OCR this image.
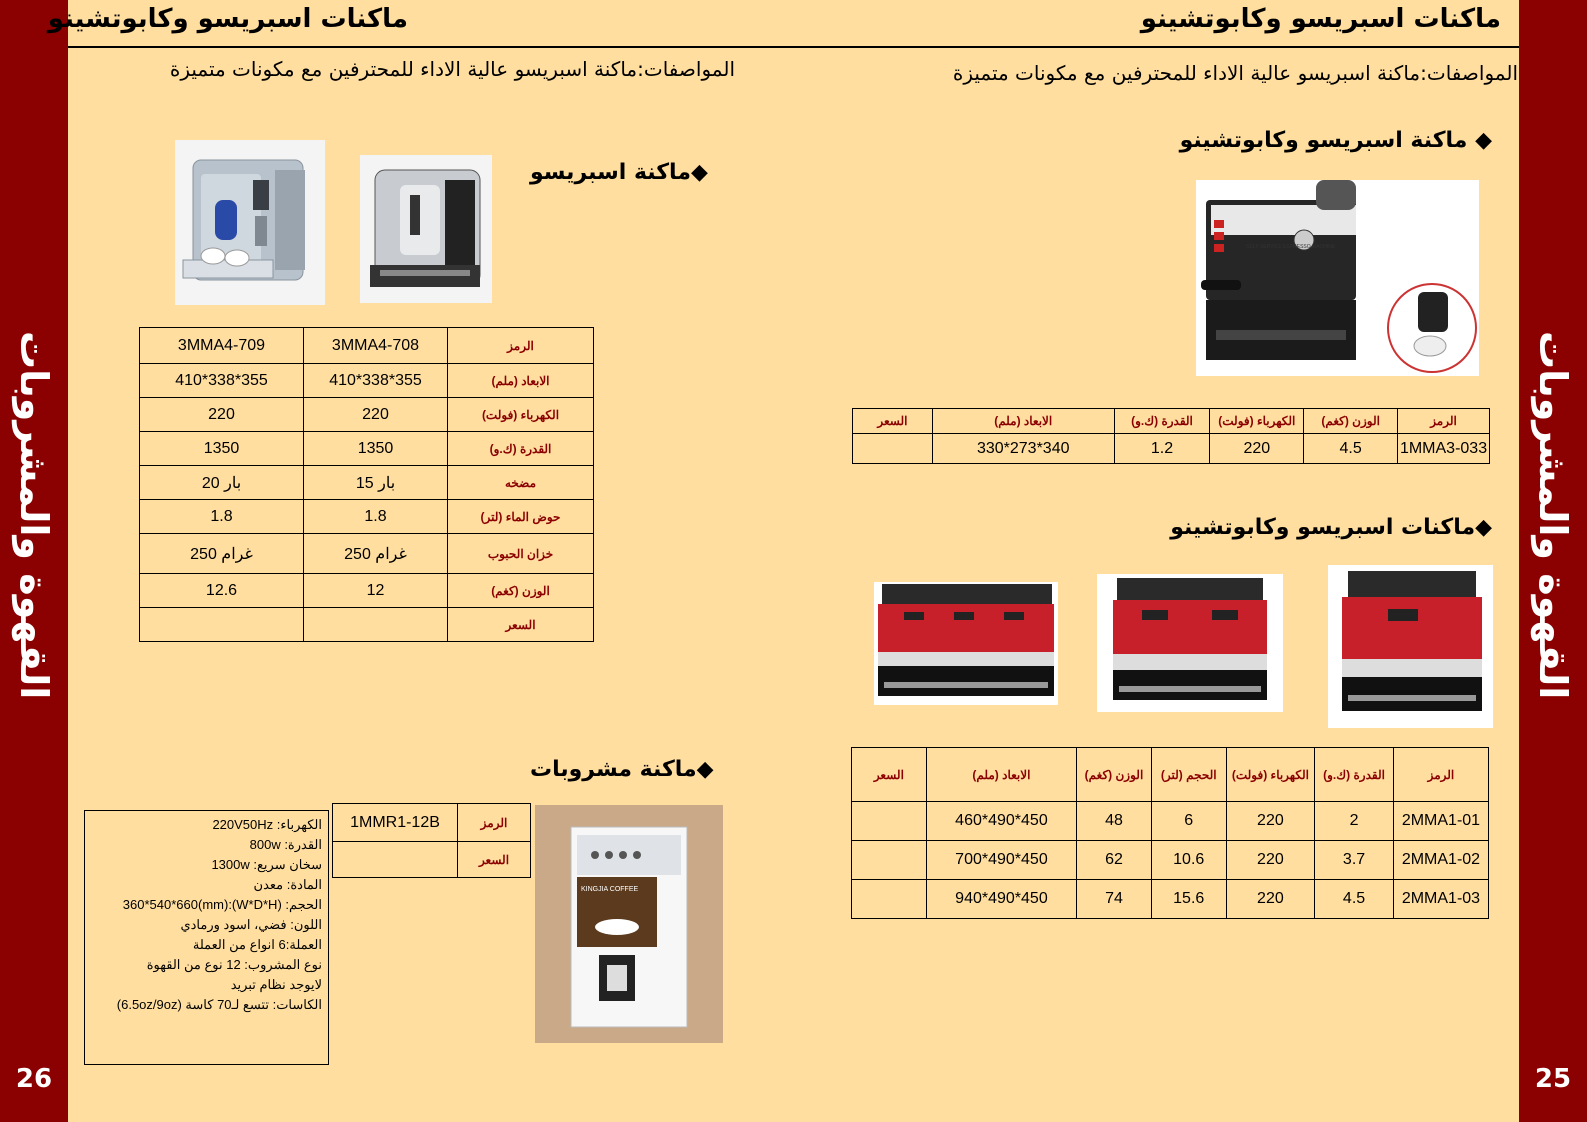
القهوة والمشروبات
26
القهوة والمشروبات
25
ماكنات اسبريسو وكابوتشينو	ماكنات اسبريسو وكابوتشينو
المواصفات:ماكنة اسبريسو عالية الاداء للمحترفين مع مكونات متميزة	المواصفات:ماكنة اسبريسو عالية الاداء للمحترفين مع مكونات متميزة
◆ماكنة اسبريسو
3MMA4-709	3MMA4-708	الرمز
410*338*355	410*338*355	الابعاد (ملم)
220	220	الكهرباء (فولت)
1350	1350	القدرة (ك.و)
20 بار	15 بار	مضخه
1.8	1.8	حوض الماء (لتر)
250 غرام	250 غرام	خزان الحبوب
12.6	12	الوزن (كغم)
		السعر
◆ماكنة مشروبات
KINGJIA COFFEE
1MMR1-12B	الرمز
	السعر
الكهرباء: 220V50Hz
القدرة: 800w
سخان سريع: 1300w
المادة: معدن
الحجم: (W*D*H):360*540*660(mm)
اللون: فضي، اسود ورمادي
العملة:6 انواع من العملة
نوع المشروب: 12 نوع من القهوة
لايوجد نظام تبريد
الكاسات: تتسع لـ70 كاسة (6.5oz/9oz)
◆ ماكنة اسبريسو وكابوتشينو
SELF SERVICE ESPRESSO MACHINE
السعر	الابعاد (ملم)	القدرة (ك.و)	الكهرباء (فولت)	الوزن (كغم)	الرمز
	330*273*340	1.2	220	4.5	1MMA3-033
◆ماكنات اسبريسو وكابوتشينو
السعر	الابعاد (ملم)	الوزن (كغم)	الحجم (لتر)	الكهرباء (فولت)	القدرة (ك.و)	الرمز
	460*490*450	48	6	220	2	2MMA1-01
	700*490*450	62	10.6	220	3.7	2MMA1-02
	940*490*450	74	15.6	220	4.5	2MMA1-03
